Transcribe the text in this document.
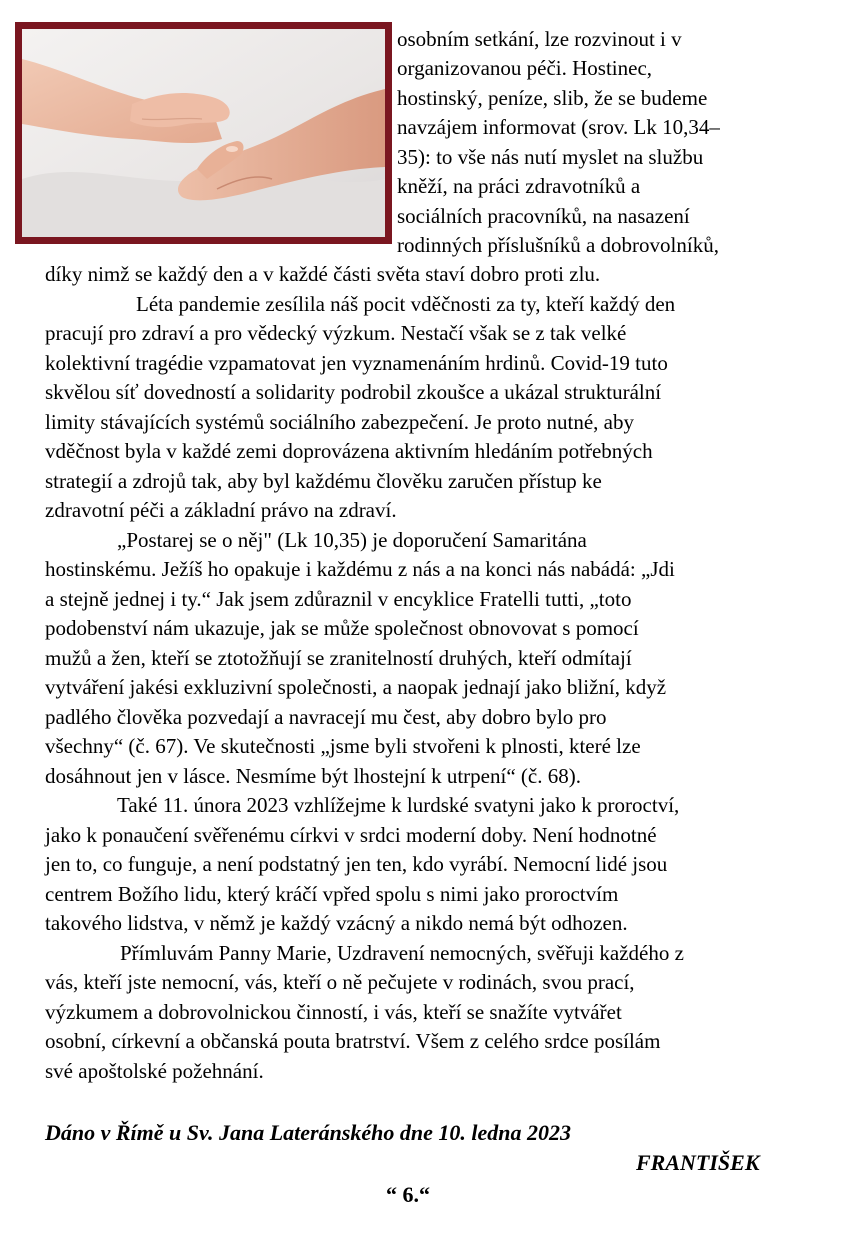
osobním setkání, lze rozvinout i v
organizovanou péči. Hostinec,
hostinský, peníze, slib, že se budeme
navzájem informovat (srov. Lk 10,34–
35): to vše nás nutí myslet na službu
kněží, na práci zdravotníků a
sociálních pracovníků, na nasazení
rodinných příslušníků a dobrovolníků,
díky nimž se každý den a v každé části světa staví dobro proti zlu.
Léta pandemie zesílila náš pocit vděčnosti za ty, kteří každý den
pracují pro zdraví a pro vědecký výzkum. Nestačí však se z tak velké
kolektivní tragédie vzpamatovat jen vyznamenáním hrdinů. Covid-19 tuto
skvělou síť dovedností a solidarity podrobil zkoušce a ukázal strukturální
limity stávajících systémů sociálního zabezpečení. Je proto nutné, aby
vděčnost byla v každé zemi doprovázena aktivním hledáním potřebných
strategií a zdrojů tak, aby byl každému člověku zaručen přístup ke
zdravotní péči a základní právo na zdraví.
„Postarej se o něj" (Lk 10,35) je doporučení Samaritána
hostinskému. Ježíš ho opakuje i každému z nás a na konci nás nabádá: „Jdi
a stejně jednej i ty.“ Jak jsem zdůraznil v encyklice Fratelli tutti, „toto
podobenství nám ukazuje, jak se může společnost obnovovat s pomocí
mužů a žen, kteří se ztotožňují se zranitelností druhých, kteří odmítají
vytváření jakési exkluzivní společnosti, a naopak jednají jako bližní, když
padlého člověka pozvedají a navracejí mu čest, aby dobro bylo pro
všechny“ (č. 67). Ve skutečnosti „jsme byli stvořeni k plnosti, které lze
dosáhnout jen v lásce. Nesmíme být lhostejní k utrpení“ (č. 68).
Také 11. února 2023 vzhlížejme k lurdské svatyni jako k proroctví,
jako k ponaučení svěřenému církvi v srdci moderní doby. Není hodnotné
jen to, co funguje, a není podstatný jen ten, kdo vyrábí. Nemocní lidé jsou
centrem Božího lidu, který kráčí vpřed spolu s nimi jako proroctvím
takového lidstva, v němž je každý vzácný a nikdo nemá být odhozen.
Přímluvám Panny Marie, Uzdravení nemocných, svěřuji každého z
vás, kteří jste nemocní, vás, kteří o ně pečujete v rodinách, svou prací,
výzkumem a dobrovolnickou činností, i vás, kteří se snažíte vytvářet
osobní, církevní a občanská pouta bratrství. Všem z celého srdce posílám
své apoštolské požehnání.
Dáno v Římě u Sv. Jana Lateránského dne 10. ledna 2023
FRANTIŠEK
“ 6.“
